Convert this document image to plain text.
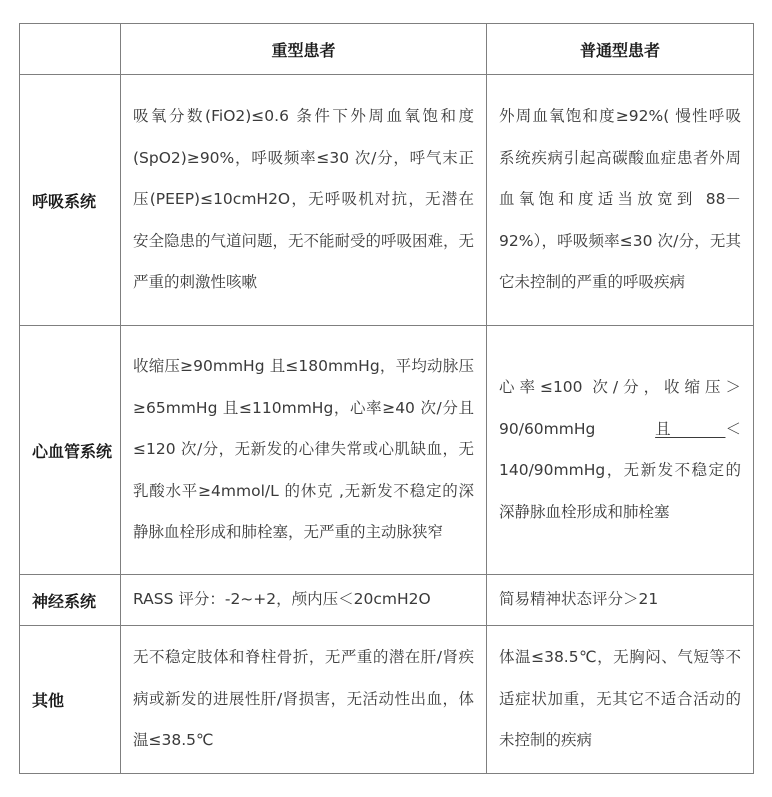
重型患者	普通型患者
呼吸系统
吸氧分数(FiO2)≤0.6 条件下外周血氧饱和度(SpO2)≥90%，呼吸频率≤30 次/分，呼气末正压(PEEP)≤10cmH2O，无呼吸机对抗，无潜在安全隐患的气道问题，无不能耐受的呼吸困难，无严重的刺激性咳嗽
外周血氧饱和度≥92%( 慢性呼吸系统疾病引起高碳酸血症患者外周血氧饱和度适当放宽到 88－92%），呼吸频率≤30 次/分，无其它未控制的严重的呼吸疾病
心血管系统
收缩压≥90mmHg 且≤180mmHg，平均动脉压≥65mmHg 且≤110mmHg，心率≥40 次/分且≤120 次/分，无新发的心律失常或心肌缺血，无乳酸水平≥4mmol/L 的休克 ,无新发不稳定的深静脉血栓形成和肺栓塞，无严重的主动脉狭窄
心率≤100 次/分，收缩压＞90/60mmHg 且＜140/90mmHg，无新发不稳定的深静脉血栓形成和肺栓塞
神经系统 RASS 评分：-2~+2，颅内压＜20cmH2O	简易精神状态评分＞21
其他
无不稳定肢体和脊柱骨折，无严重的潜在肝/肾疾病或新发的进展性肝/肾损害，无活动性出血，体温≤38.5℃
体温≤38.5℃，无胸闷、气短等不适症状加重，无其它不适合活动的未控制的疾病
